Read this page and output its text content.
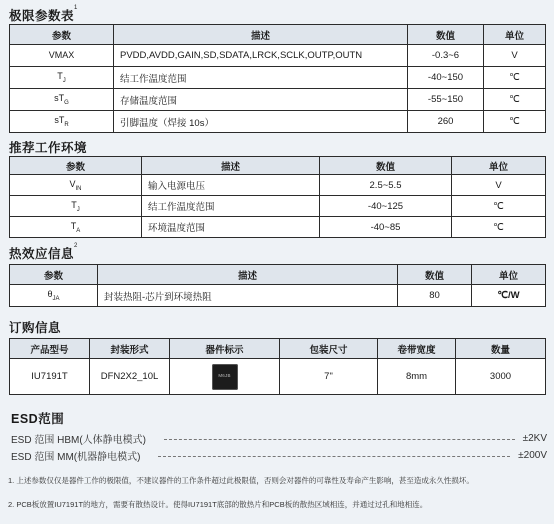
极限参数表$^1$
参数	描述	数值	单位
VMAX	PVDD,AVDD,GAIN,SD,SDATA,LRCK,SCLK,OUTP,OUTN	-0.3~6	V
$T_J$	结工作温度范围	-40~150	℃
$sT_G$	存储温度范围	-55~150	℃
$sT_R$	引脚温度（焊接 10s）	260	℃
推荐工作环境
参数	描述	数值	单位
$V_{IN}$	输入电源电压	2.5~5.5	V
$T_J$	结工作温度范围	-40~125	℃
$T_A$	环境温度范围	-40~85	℃
热效应信息$^2$
参数	描述	数值	单位
$\theta_{JA}$	封装热阻-芯片到环境热阻	80	℃/W
订购信息
产品型号	封装形式	器件标示	包装尺寸	卷带宽度	数量
IU7191T	DFN2X2_10L	M6JB	7"	8mm	3000
ESD范围
ESD 范围 HBM(人体静电模式)	±2KV
ESD 范围 MM(机器静电模式)	±200V
1. 上述参数仅仅是器件工作的极限值，不建议器件的工作条件超过此极限值，否则会对器件的可靠性及寿命产生影响，甚至造成永久性损坏。
2. PCB板放置IU7191T的地方，需要有散热设计。使得IU7191T底部的散热片和PCB板的散热区域相连，并通过过孔和地相连。
